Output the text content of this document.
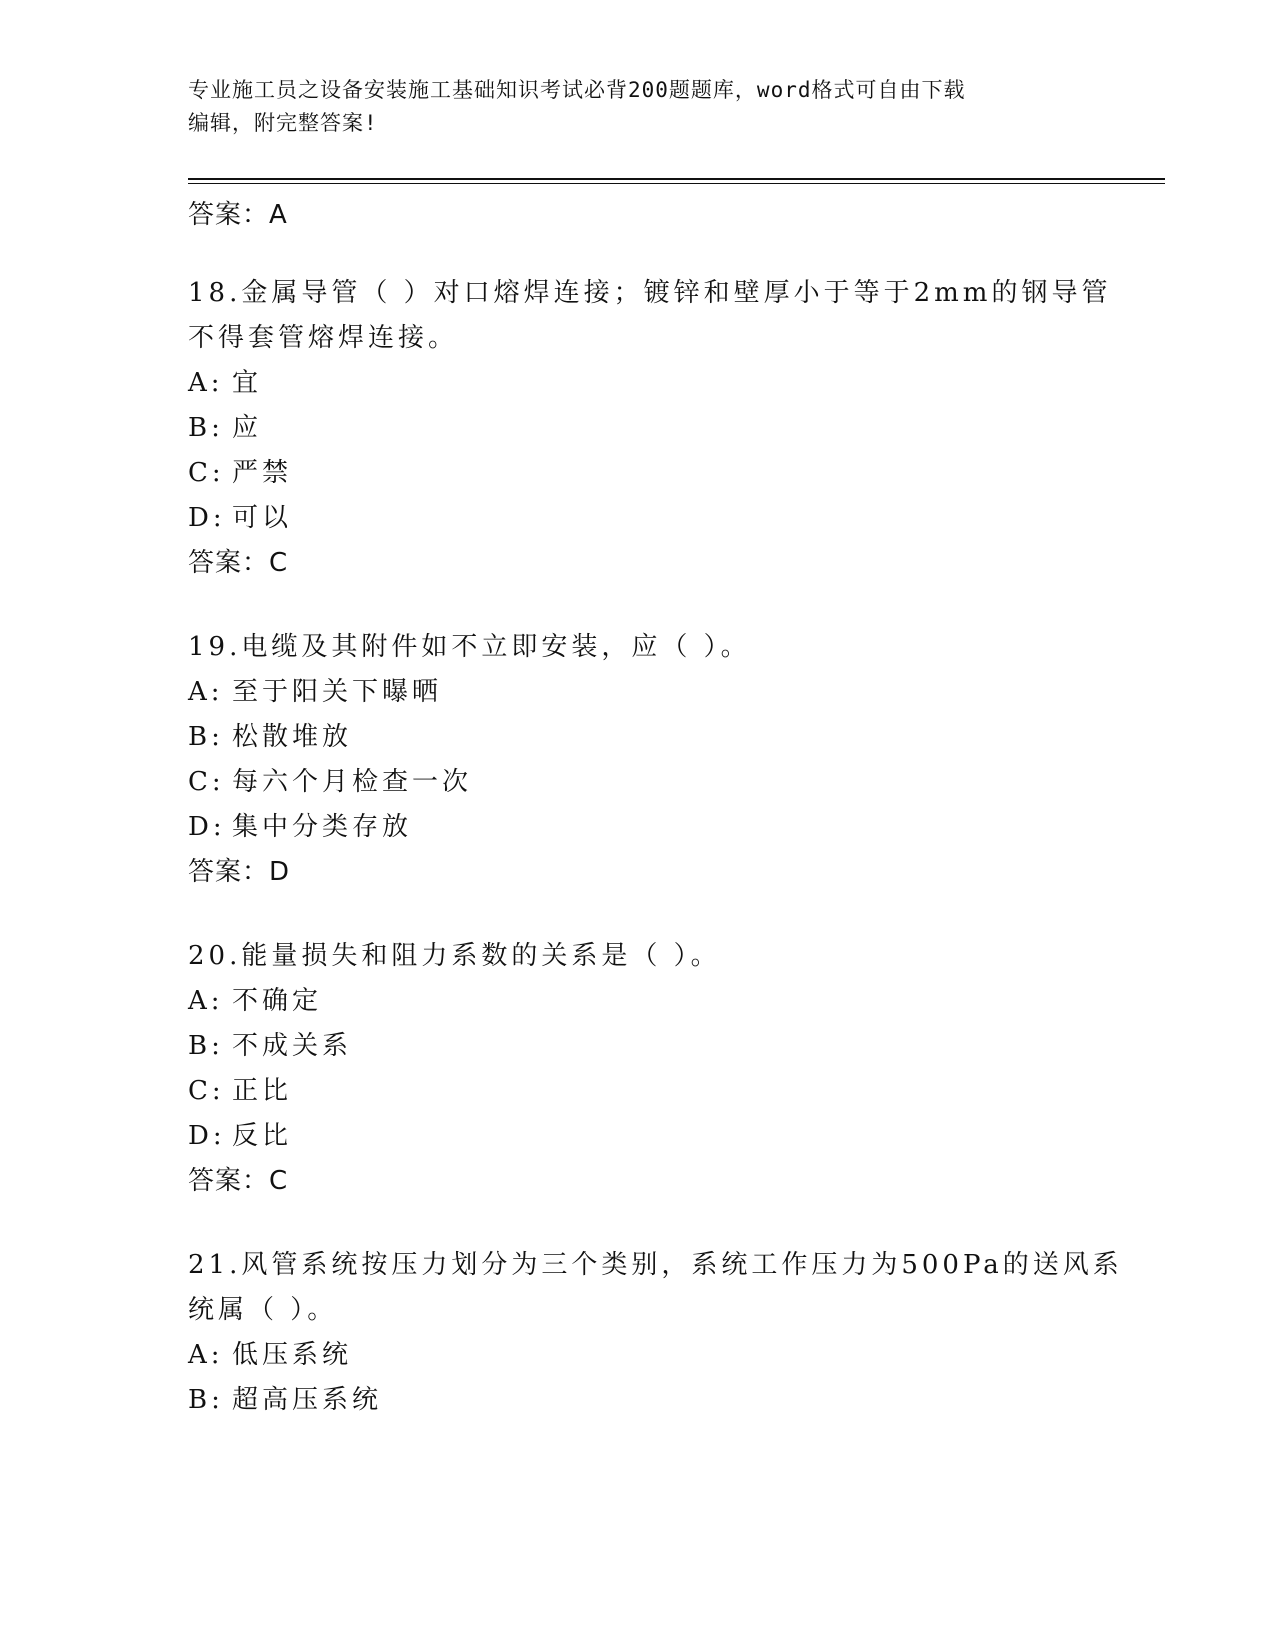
专业施工员之设备安装施工基础知识考试必背200题题库，word格式可自由下载
编辑，附完整答案!
答案：A
18.金属导管（ ）对口熔焊连接；镀锌和壁厚小于等于2mm的钢导管
不得套管熔焊连接。
A: 宜
B: 应
C: 严禁
D: 可以
答案：C
19.电缆及其附件如不立即安装，应（ ）。
A: 至于阳关下曝晒
B: 松散堆放
C: 每六个月检查一次
D: 集中分类存放
答案：D
20.能量损失和阻力系数的关系是（ ）。
A: 不确定
B: 不成关系
C: 正比
D: 反比
答案：C
21.风管系统按压力划分为三个类别，系统工作压力为500Pa的送风系
统属（ ）。
A: 低压系统
B: 超高压系统
